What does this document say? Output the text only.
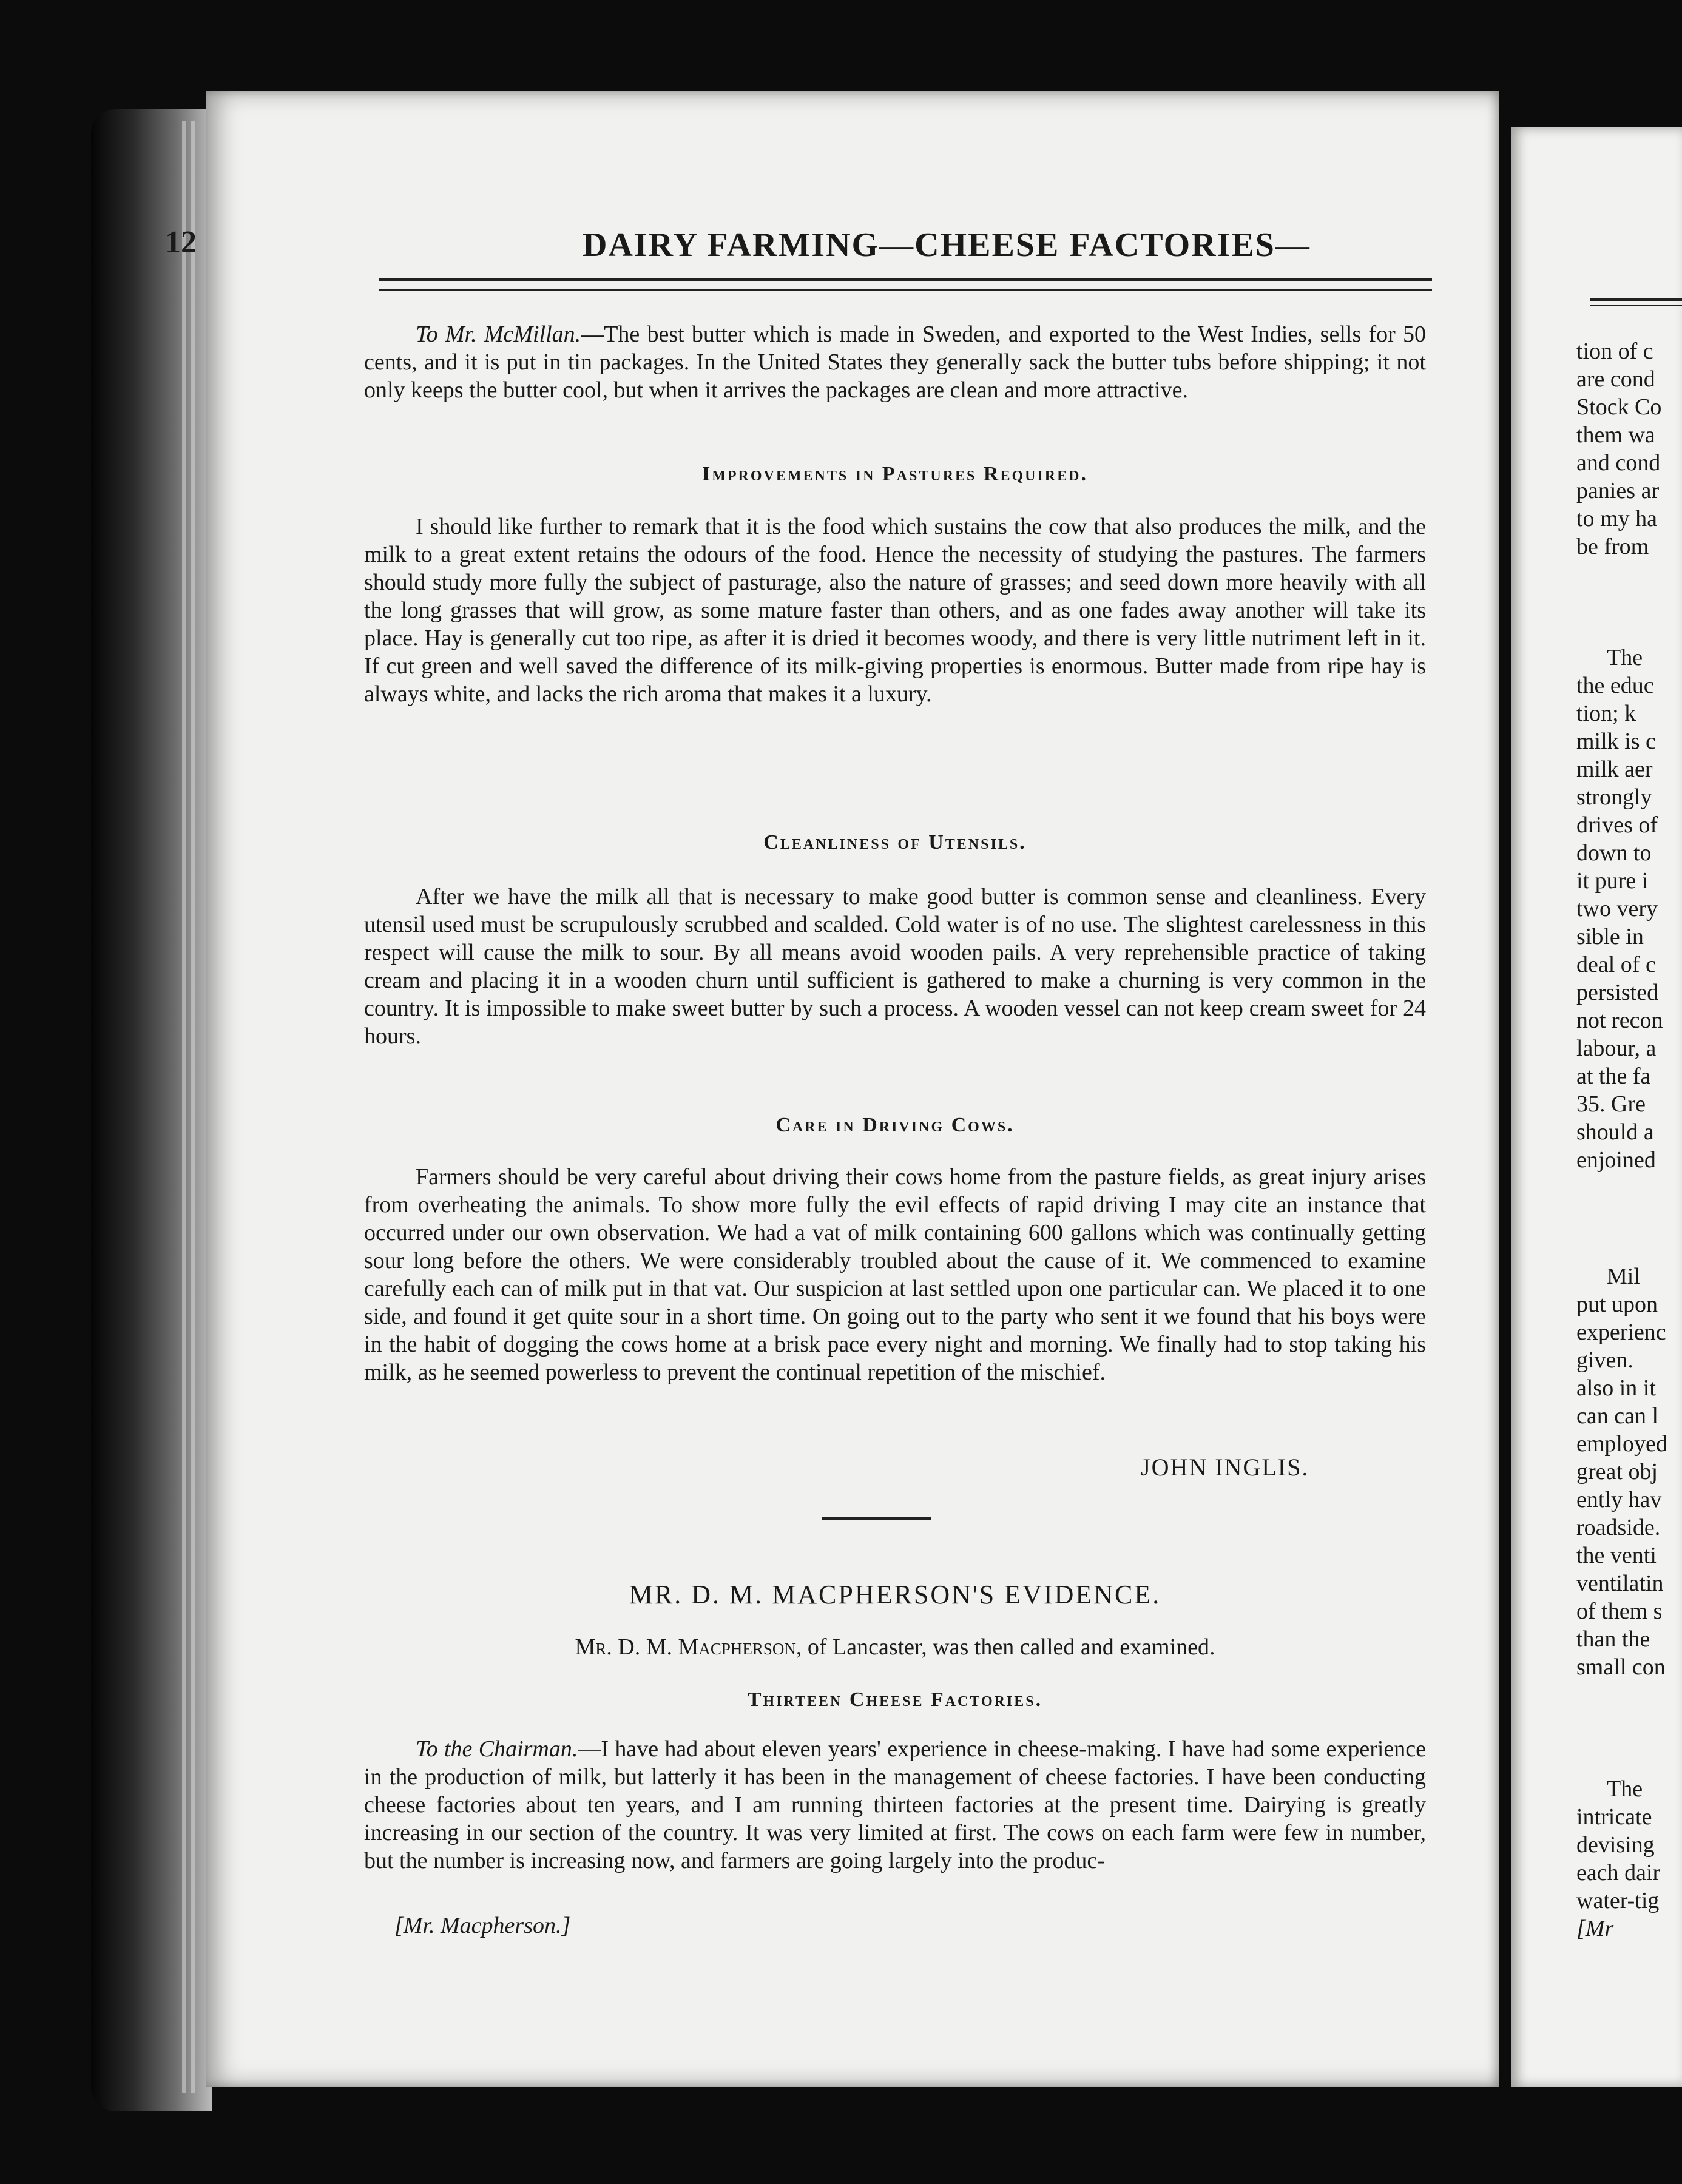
tion of c
are cond
Stock Co
them wa
and cond
panies ar
to my ha
be from
The
the educ
tion; k
milk is c
milk aer
strongly
drives of
down to
it pure i
two very
sible in
deal of c
persisted
not recon
labour, a
at the fa
35. Gre
should a
enjoined
Mil
put upon
experienc
given.
also in it
can can l
employed
great obj
ently hav
roadside.
the venti
ventilatin
of them s
than the
small con
The
intricate
devising
each dair
water-tig
[Mr
12	DAIRY FARMING—CHEESE FACTORIES—

To Mr. McMillan.—The best butter which is made in Sweden, and exported to the West Indies, sells for 50 cents, and it is put in tin packages. In the United States they generally sack the butter tubs before shipping; it not only keeps the butter cool, but when it arrives the packages are clean and more attractive.

Improvements in Pastures Required.

I should like further to remark that it is the food which sustains the cow that also produces the milk, and the milk to a great extent retains the odours of the food. Hence the necessity of studying the pastures. The farmers should study more fully the subject of pasturage, also the nature of grasses; and seed down more heavily with all the long grasses that will grow, as some mature faster than others, and as one fades away another will take its place. Hay is generally cut too ripe, as after it is dried it becomes woody, and there is very little nutriment left in it. If cut green and well saved the difference of its milk-giving properties is enormous. Butter made from ripe hay is always white, and lacks the rich aroma that makes it a luxury.

Cleanliness of Utensils.

After we have the milk all that is necessary to make good butter is common sense and cleanliness. Every utensil used must be scrupulously scrubbed and scalded. Cold water is of no use. The slightest carelessness in this respect will cause the milk to sour. By all means avoid wooden pails. A very reprehensible practice of taking cream and placing it in a wooden churn until sufficient is gathered to make a churning is very common in the country. It is impossible to make sweet butter by such a process. A wooden vessel can not keep cream sweet for 24 hours.

Care in Driving Cows.

Farmers should be very careful about driving their cows home from the pasture fields, as great injury arises from overheating the animals. To show more fully the evil effects of rapid driving I may cite an instance that occurred under our own observation. We had a vat of milk containing 600 gallons which was continually getting sour long before the others. We were considerably troubled about the cause of it. We commenced to examine carefully each can of milk put in that vat. Our suspicion at last settled upon one particular can. We placed it to one side, and found it get quite sour in a short time. On going out to the party who sent it we found that his boys were in the habit of dogging the cows home at a brisk pace every night and morning. We finally had to stop taking his milk, as he seemed powerless to prevent the continual repetition of the mischief.

JOHN INGLIS.

MR. D. M. MACPHERSON'S EVIDENCE.

Mr. D. M. Macpherson, of Lancaster, was then called and examined.

Thirteen Cheese Factories.

To the Chairman.—I have had about eleven years' experience in cheese-making. I have had some experience in the production of milk, but latterly it has been in the management of cheese factories. I have been conducting cheese factories about ten years, and I am running thirteen factories at the present time. Dairying is greatly increasing in our section of the country. It was very limited at first. The cows on each farm were few in number, but the number is increasing now, and farmers are going largely into the produc-

[Mr. Macpherson.]
